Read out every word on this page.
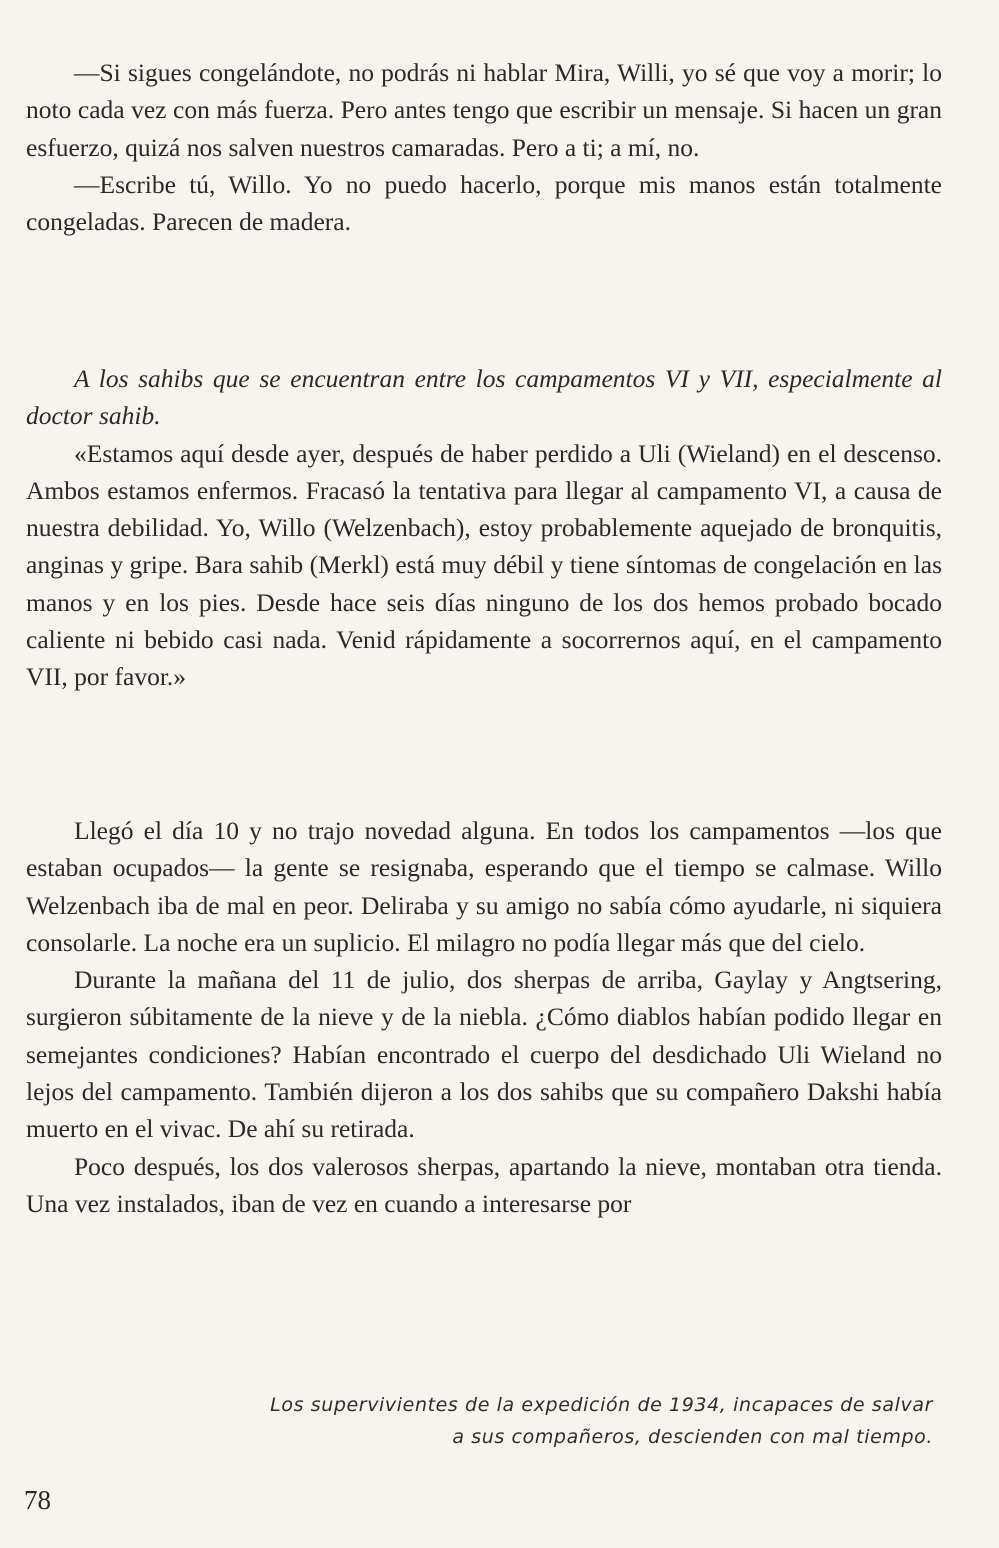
—Si sigues congelándote, no podrás ni hablar Mira, Willi, yo sé que voy a morir; lo noto cada vez con más fuerza. Pero antes tengo que escribir un mensaje. Si hacen un gran esfuerzo, quizá nos salven nuestros camaradas. Pero a ti; a mí, no.

—Escribe tú, Willo. Yo no puedo hacerlo, porque mis manos están totalmente congeladas. Parecen de madera.

A los sahibs que se encuentran entre los campamentos VI y VII, especialmente al doctor sahib.

«Estamos aquí desde ayer, después de haber perdido a Uli (Wieland) en el descenso. Ambos estamos enfermos. Fracasó la tentativa para llegar al campamento VI, a causa de nuestra debilidad. Yo, Willo (Welzenbach), estoy probablemente aquejado de bronquitis, anginas y gripe. Bara sahib (Merkl) está muy débil y tiene síntomas de congelación en las manos y en los pies. Desde hace seis días ninguno de los dos hemos probado bocado caliente ni bebido casi nada. Venid rápidamente a socorrernos aquí, en el campamento VII, por favor.»

Llegó el día 10 y no trajo novedad alguna. En todos los campamentos —los que estaban ocupados— la gente se resignaba, esperando que el tiempo se calmase. Willo Welzenbach iba de mal en peor. Deliraba y su amigo no sabía cómo ayudarle, ni siquiera consolarle. La noche era un suplicio. El milagro no podía llegar más que del cielo.

Durante la mañana del 11 de julio, dos sherpas de arriba, Gaylay y Angtsering, surgieron súbitamente de la nieve y de la niebla. ¿Cómo diablos habían podido llegar en semejantes condiciones? Habían encontrado el cuerpo del desdichado Uli Wieland no lejos del campamento. También dijeron a los dos sahibs que su compañero Dakshi había muerto en el vivac. De ahí su retirada.

Poco después, los dos valerosos sherpas, apartando la nieve, montaban otra tienda. Una vez instalados, iban de vez en cuando a interesarse por

Los supervivientes de la expedición de 1934, incapaces de salvar
a sus compañeros, descienden con mal tiempo.
78
